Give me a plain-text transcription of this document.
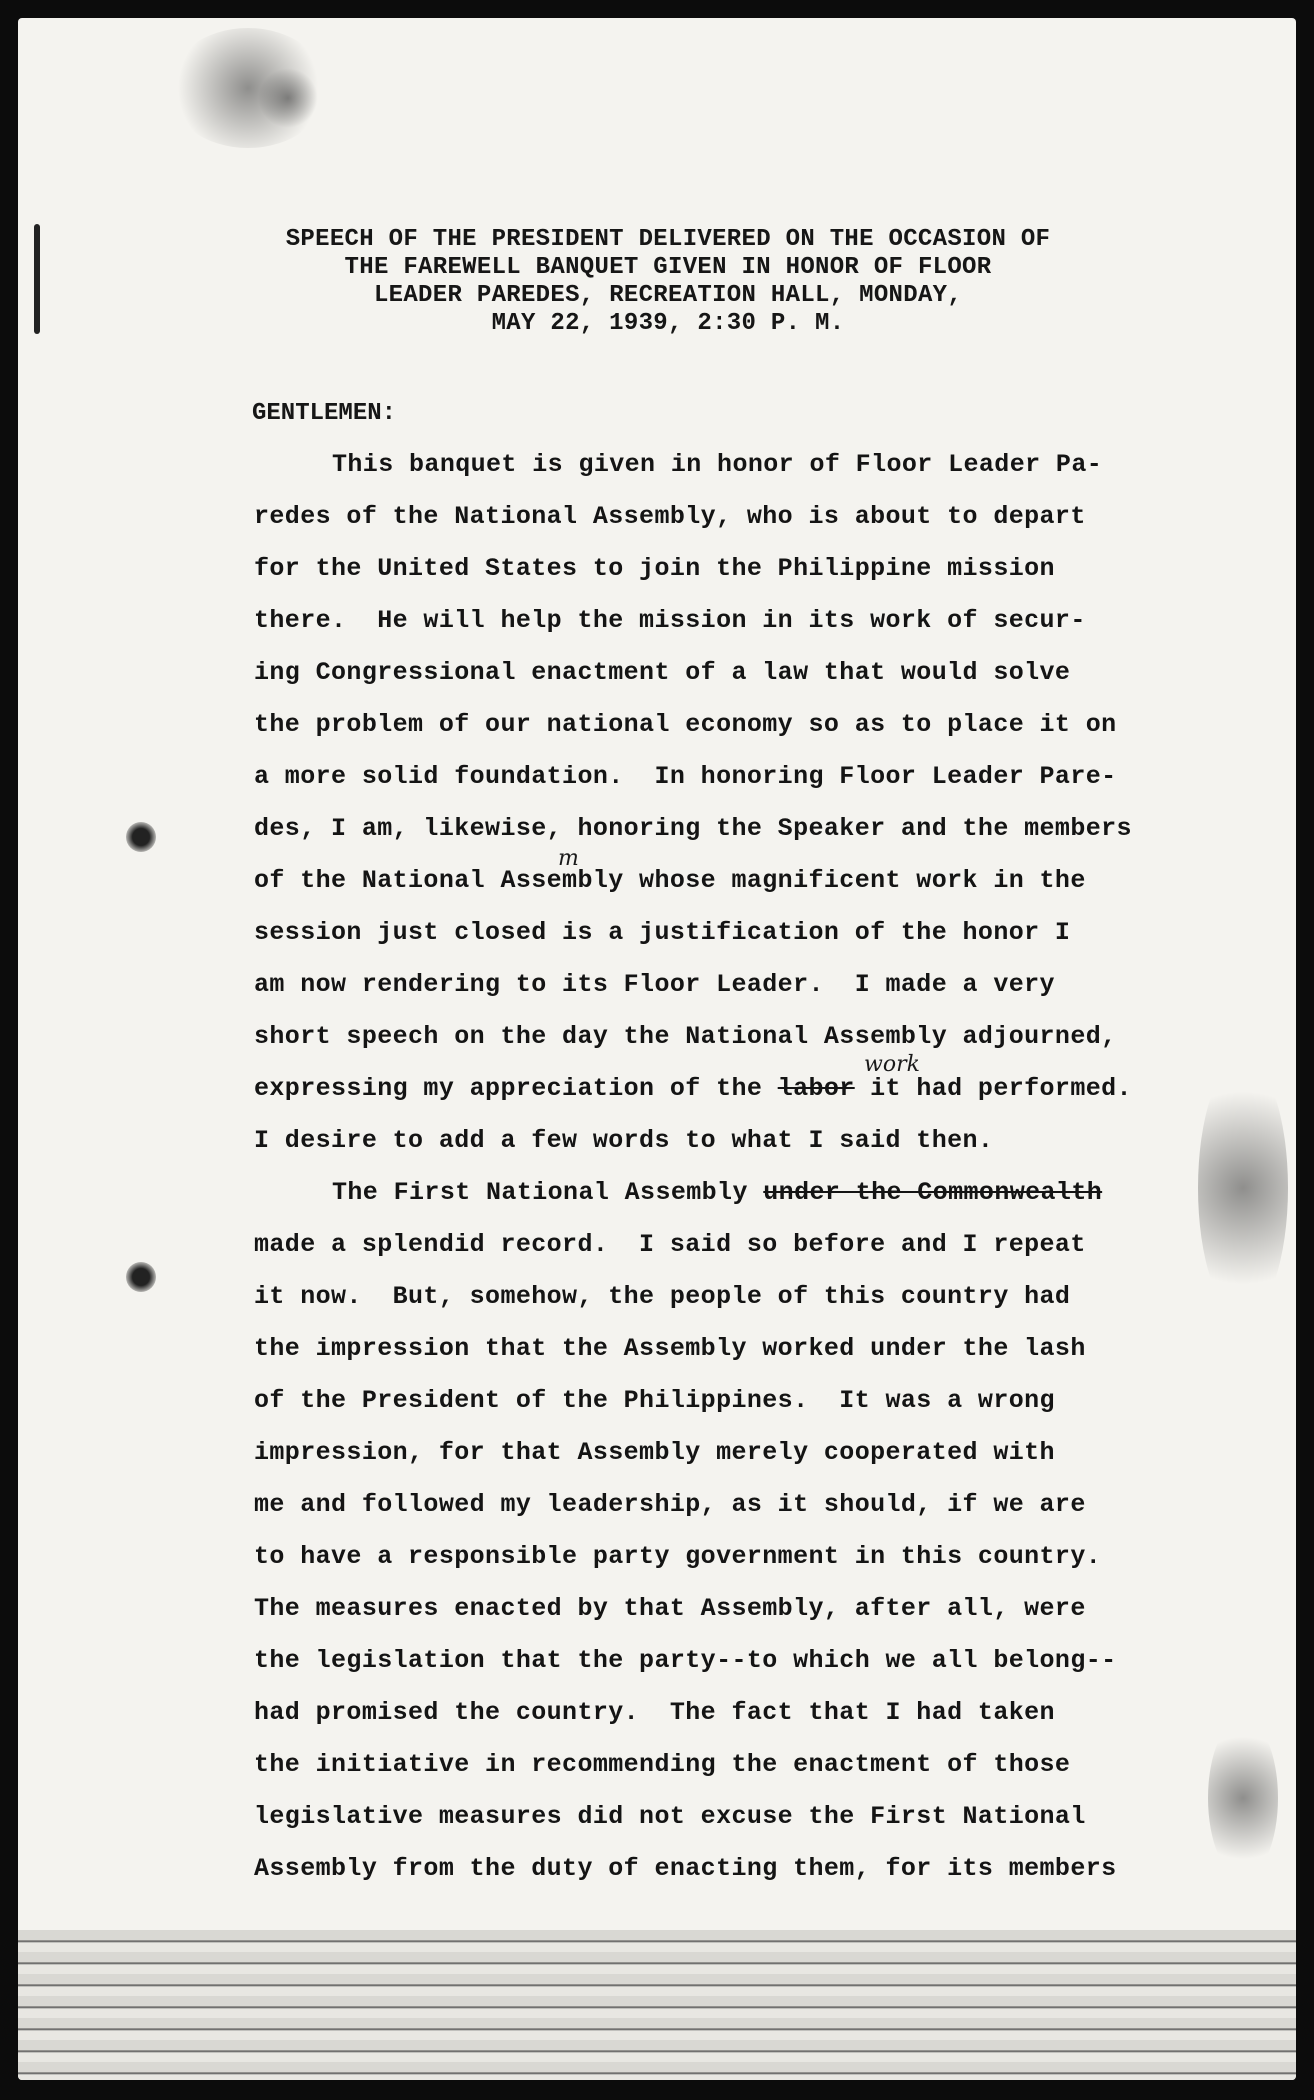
SPEECH OF THE PRESIDENT DELIVERED ON THE OCCASION OF
THE FAREWELL BANQUET GIVEN IN HONOR OF FLOOR
LEADER PAREDES, RECREATION HALL, MONDAY,
MAY 22, 1939, 2:30 P. M.
GENTLEMEN:
This banquet is given in honor of Floor Leader Pa-
redes of the National Assembly, who is about to depart
for the United States to join the Philippine mission
there.  He will help the mission in its work of secur-
ing Congressional enactment of a law that would solve
the problem of our national economy so as to place it on
a more solid foundation.  In honoring Floor Leader Pare-
des, I am, likewise, honoring the Speaker and the members
of the National Assembly whose magnificent work in the
m
session just closed is a justification of the honor I
am now rendering to its Floor Leader.  I made a very
short speech on the day the National Assembly adjourned,
expressing my appreciation of the labor it had performed.
work
I desire to add a few words to what I said then.
The First National Assembly under the Commonwealth
made a splendid record.  I said so before and I repeat
it now.  But, somehow, the people of this country had
the impression that the Assembly worked under the lash
of the President of the Philippines.  It was a wrong
impression, for that Assembly merely cooperated with
me and followed my leadership, as it should, if we are
to have a responsible party government in this country.
The measures enacted by that Assembly, after all, were
the legislation that the party--to which we all belong--
had promised the country.  The fact that I had taken
the initiative in recommending the enactment of those
legislative measures did not excuse the First National
Assembly from the duty of enacting them, for its members
